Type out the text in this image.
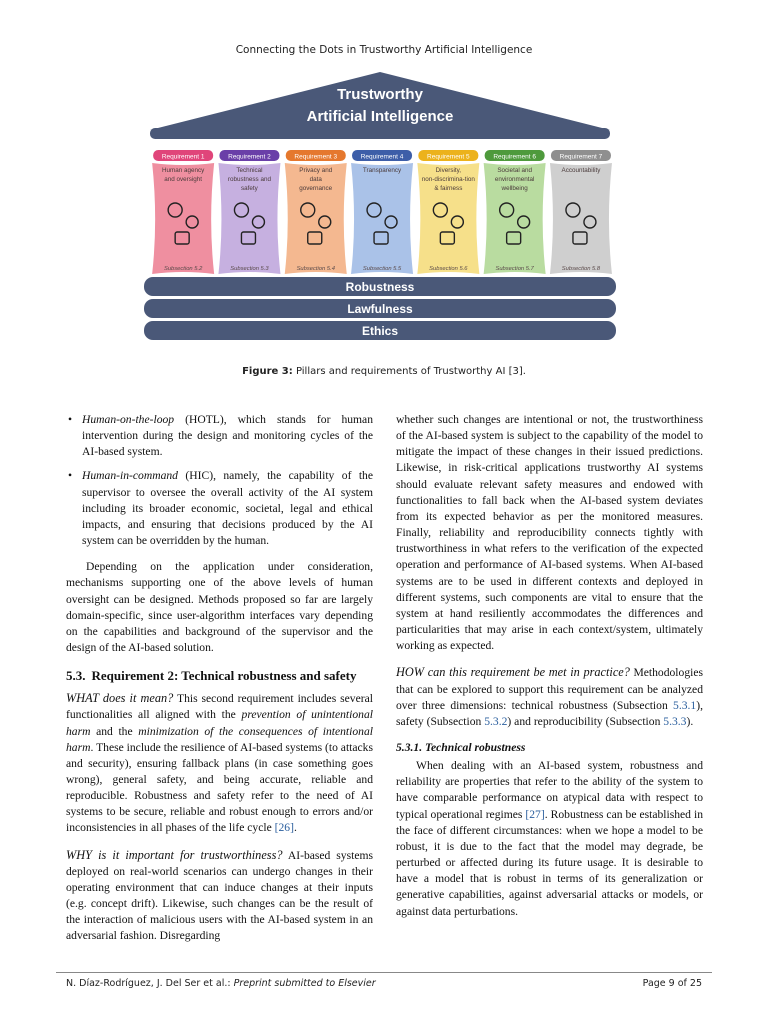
Connecting the Dots in Trustworthy Artificial Intelligence
Trustworthy
Artificial Intelligence
Requirement 1
Human agency
and oversight
Subsection 5.2
Requirement 2
Technical
robustness and
safety
Subsection 5.3
Requirement 3
Privacy and
data
governance
Subsection 5.4
Requirement 4
Transparency
Subsection 5.5
Requirement 5
Diversity,
non-discrimina-tion
& fairness
Subsection 5.6
Requirement 6
Societal and
environmental
wellbeing
Subsection 5.7
Requirement 7
Accountability
Subsection 5.8
Robustness
Lawfulness
Ethics
Figure 3: Pillars and requirements of Trustworthy AI [3].
• Human-on-the-loop (HOTL), which stands for human intervention during the design and monitoring cycles of the AI-based system.
• Human-in-command (HIC), namely, the capability of the supervisor to oversee the overall activity of the AI system including its broader economic, societal, legal and ethical impacts, and ensuring that decisions produced by the AI system can be overridden by the human.

Depending on the application under consideration, mechanisms supporting one of the above levels of human oversight can be designed. Methods proposed so far are largely domain-specific, since user-algorithm interfaces vary depending on the capabilities and background of the supervisor and the design of the AI-based solution.

5.3. Requirement 2: Technical robustness and safety

WHAT does it mean? This second requirement includes several functionalities all aligned with the prevention of unintentional harm and the minimization of the consequences of intentional harm. These include the resilience of AI-based systems (to attacks and security), ensuring fallback plans (in case something goes wrong), general safety, and being accurate, reliable and reproducible. Robustness and safety refer to the need of AI systems to be secure, reliable and robust enough to errors and/or inconsistencies in all phases of the life cycle [26].

WHY is it important for trustworthiness? AI-based systems deployed on real-world scenarios can undergo changes in their operating environment that can induce changes at their inputs (e.g. concept drift). Likewise, such changes can be the result of the interaction of malicious users with the AI-based system in an adversarial fashion. Disregarding

whether such changes are intentional or not, the trustworthiness of the AI-based system is subject to the capability of the model to mitigate the impact of these changes in their issued predictions. Likewise, in risk-critical applications trustworthy AI systems should evaluate relevant safety measures and endowed with functionalities to fall back when the AI-based system deviates from its expected behavior as per the monitored measures. Finally, reliability and reproducibility connects tightly with trustworthiness in what refers to the verification of the expected operation and performance of AI-based systems. When AI-based systems are to be used in different contexts and deployed in different systems, such components are vital to ensure that the system at hand resiliently accommodates the differences and particularities that may arise in each context/system, ultimately working as expected.

HOW can this requirement be met in practice? Methodologies that can be explored to support this requirement can be analyzed over three dimensions: technical robustness (Subsection 5.3.1), safety (Subsection 5.3.2) and reproducibility (Subsection 5.3.3).

5.3.1. Technical robustness

When dealing with an AI-based system, robustness and reliability are properties that refer to the ability of the system to have comparable performance on atypical data with respect to typical operational regimes [27]. Robustness can be established in the face of different circumstances: when we hope a model to be robust, it is due to the fact that the model may degrade, be perturbed or affected during its future usage. It is desirable to have a model that is robust in terms of its generalization or generative capabilities, against adversarial attacks or models, or against data perturbations.

N. Díaz-Rodríguez, J. Del Ser et al.: Preprint submitted to Elsevier	Page 9 of 25
